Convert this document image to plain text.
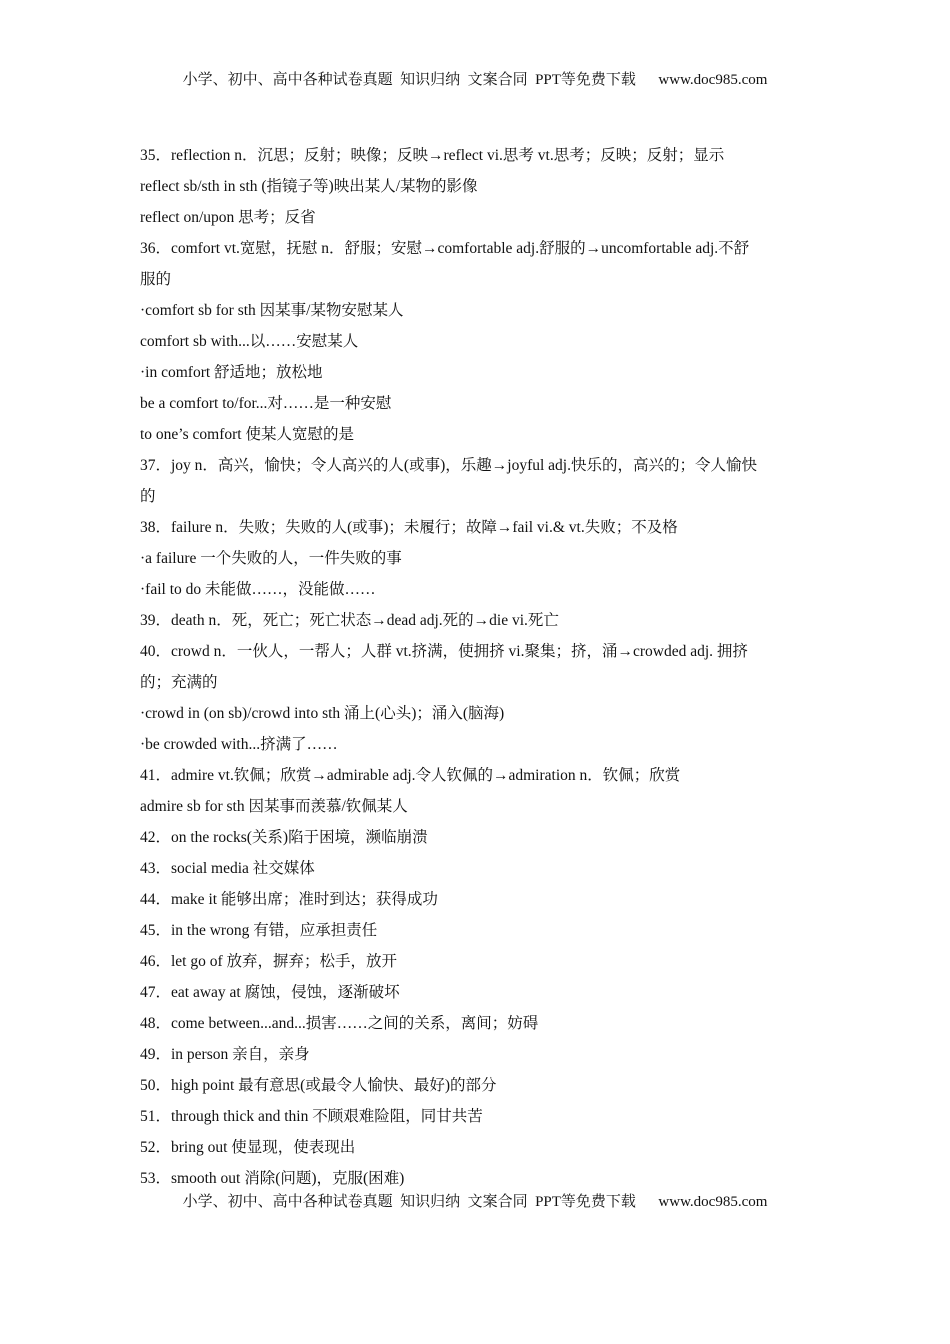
小学、初中、高中各种试卷真题  知识归纳  文案合同  PPT等免费下载      www.doc985.com
35．reflection n．沉思；反射；映像；反映→reflect vi.思考 vt.思考；反映；反射；显示
reflect sb/sth in sth (指镜子等)映出某人/某物的影像
reflect on/upon 思考；反省
36．comfort vt.宽慰，抚慰 n．舒服；安慰→comfortable adj.舒服的→uncomfortable adj.不舒
服的
·comfort sb for sth 因某事/某物安慰某人
comfort sb with...以……安慰某人
·in comfort 舒适地；放松地
be a comfort to/for...对……是一种安慰
to one’s comfort 使某人宽慰的是
37．joy n．高兴，愉快；令人高兴的人(或事)，乐趣→joyful adj.快乐的，高兴的；令人愉快
的
38．failure n．失败；失败的人(或事)；未履行；故障→fail vi.& vt.失败；不及格
·a failure 一个失败的人，一件失败的事
·fail to do 未能做……，没能做……
39．death n．死，死亡；死亡状态→dead adj.死的→die vi.死亡
40．crowd n．一伙人，一帮人；人群 vt.挤满，使拥挤 vi.聚集；挤，涌→crowded adj. 拥挤
的；充满的
·crowd in (on sb)/crowd into sth 涌上(心头)；涌入(脑海)
·be crowded with...挤满了……
41．admire vt.钦佩；欣赏→admirable adj.令人钦佩的→admiration n．钦佩；欣赏
admire sb for sth 因某事而羡慕/钦佩某人
42．on the rocks(关系)陷于困境，濒临崩溃
43．social media 社交媒体
44．make it 能够出席；准时到达；获得成功
45．in the wrong 有错，应承担责任
46．let go of 放弃，摒弃；松手，放开
47．eat away at 腐蚀，侵蚀，逐渐破坏
48．come between...and...损害……之间的关系，离间；妨碍
49．in person 亲自，亲身
50．high point 最有意思(或最令人愉快、最好)的部分
51．through thick and thin 不顾艰难险阻，同甘共苦
52．bring out 使显现，使表现出
53．smooth out 消除(问题)，克服(困难)
小学、初中、高中各种试卷真题  知识归纳  文案合同  PPT等免费下载      www.doc985.com
